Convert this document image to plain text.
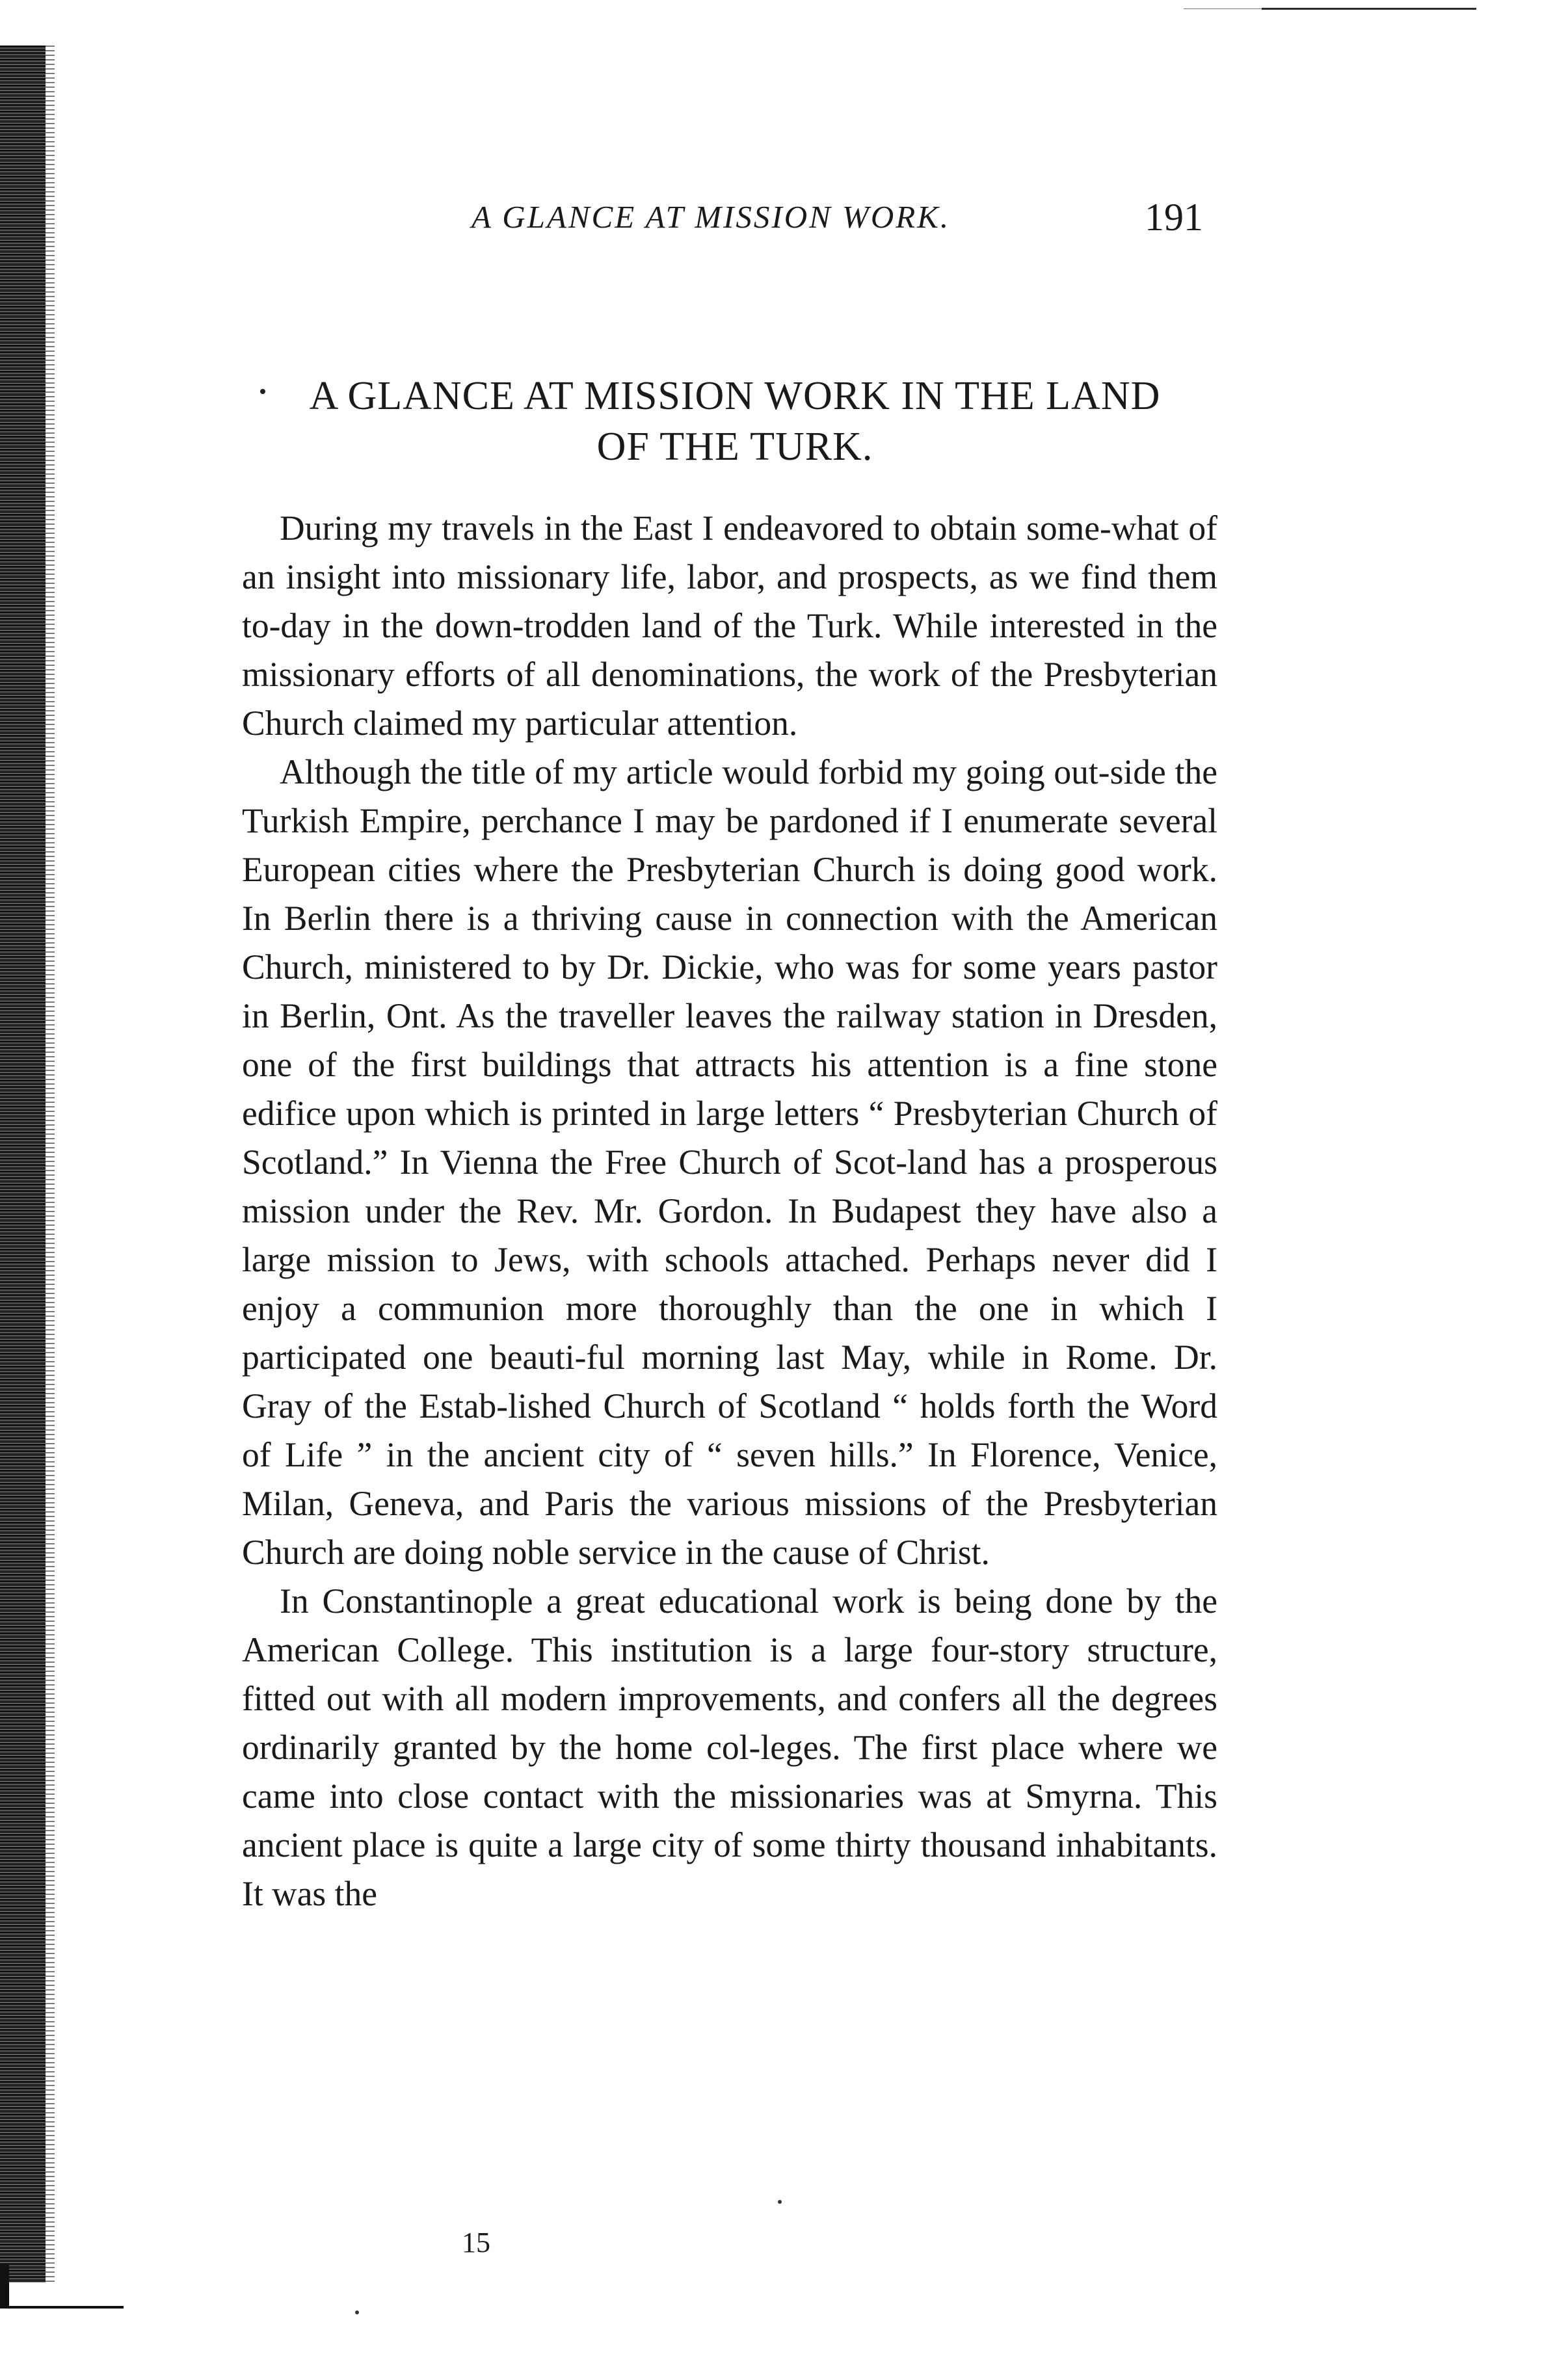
A GLANCE AT MISSION WORK.	191
A GLANCE AT MISSION WORK IN THE LAND
OF THE TURK.

During my travels in the East I endeavored to obtain some-what of an insight into missionary life, labor, and prospects, as we find them to-day in the down-trodden land of the Turk. While interested in the missionary efforts of all denominations, the work of the Presbyterian Church claimed my particular attention.

Although the title of my article would forbid my going out-side the Turkish Empire, perchance I may be pardoned if I enumerate several European cities where the Presbyterian Church is doing good work. In Berlin there is a thriving cause in connection with the American Church, ministered to by Dr. Dickie, who was for some years pastor in Berlin, Ont. As the traveller leaves the railway station in Dresden, one of the first buildings that attracts his attention is a fine stone edifice upon which is printed in large letters “ Presbyterian Church of Scotland.” In Vienna the Free Church of Scot-land has a prosperous mission under the Rev. Mr. Gordon. In Budapest they have also a large mission to Jews, with schools attached. Perhaps never did I enjoy a communion more thoroughly than the one in which I participated one beauti-ful morning last May, while in Rome. Dr. Gray of the Estab-lished Church of Scotland “ holds forth the Word of Life ” in the ancient city of “ seven hills.” In Florence, Venice, Milan, Geneva, and Paris the various missions of the Presbyterian Church are doing noble service in the cause of Christ.

In Constantinople a great educational work is being done by the American College. This institution is a large four-story structure, fitted out with all modern improvements, and confers all the degrees ordinarily granted by the home col-leges. The first place where we came into close contact with the missionaries was at Smyrna. This ancient place is quite a large city of some thirty thousand inhabitants. It was the

15
